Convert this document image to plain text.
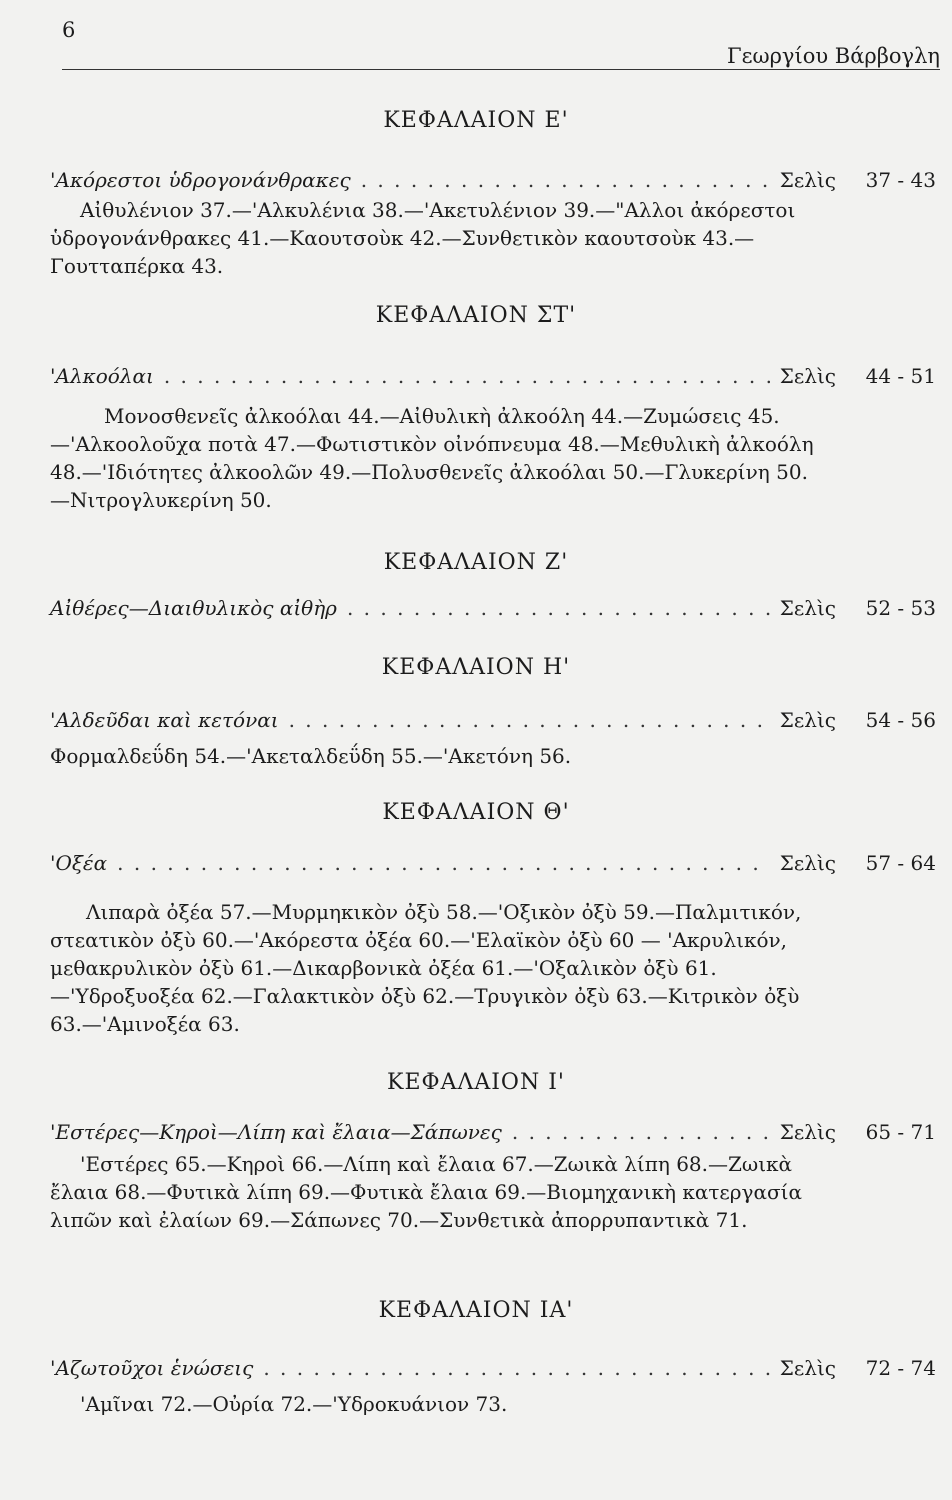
6
Γεωργίου Βάρβογλη
ΚΕΦΑΛΑΙΟΝ Ε'
'Ακόρεστοι ὑδρογονάνθρακες . . .	Σελὶς	37 - 43
Αἰθυλένιον 37.—'Αλκυλένια 38.—'Ακετυλένιον 39.—"Αλλοι ἀκόρεστοι ὑδρογονάνθρακες 41.—Καουτσοὺκ 42.—Συνθετικὸν καουτσοὺκ 43.—Γουτταπέρκα 43.
ΚΕΦΑΛΑΙΟΝ ΣΤ'
'Αλκοόλαι . . .	Σελὶς	44 - 51
Μονοσθενεῖς ἀλκοόλαι 44.—Αἰθυλικὴ ἀλκοόλη 44.—Ζυμώσεις 45.—'Αλκοολοῦχα ποτὰ 47.—Φωτιστικὸν οἰνόπνευμα 48.—Μεθυλικὴ ἀλκοόλη 48.—'Ιδιότητες ἀλκοολῶν 49.—Πολυσθενεῖς ἀλκοόλαι 50.—Γλυκερίνη 50.—Νιτρογλυκερίνη 50.
ΚΕΦΑΛΑΙΟΝ Ζ'
Αἰθέρες—Διαιθυλικὸς αἰθὴρ . . .	Σελὶς	52 - 53
ΚΕΦΑΛΑΙΟΝ Η'
'Αλδεῦδαι καὶ κετόναι . . .	Σελὶς	54 - 56
Φορμαλδεΰδη 54.—'Ακεταλδεΰδη 55.—'Ακετόνη 56.
ΚΕΦΑΛΑΙΟΝ Θ'
'Οξέα . . .	Σελὶς	57 - 64
Λιπαρὰ ὀξέα 57.—Μυρμηκικὸν ὀξὺ 58.—'Οξικὸν ὀξὺ 59.—Παλμιτικόν, στεατικὸν ὀξὺ 60.—'Ακόρεστα ὀξέα 60.—'Ελαϊκὸν ὀξὺ 60 — 'Ακρυλικόν, μεθακρυλικὸν ὀξὺ 61.—Δικαρβονικὰ ὀξέα 61.—'Οξαλικὸν ὀξὺ 61.—'Υδροξυοξέα 62.—Γαλακτικὸν ὀξὺ 62.—Τρυγικὸν ὀξὺ 63.—Κιτρικὸν ὀξὺ 63.—'Αμινοξέα 63.
ΚΕΦΑΛΑΙΟΝ Ι'
'Εστέρες—Κηροὶ—Λίπη καὶ ἔλαια—Σάπωνες . . .	Σελὶς	65 - 71
'Εστέρες 65.—Κηροὶ 66.—Λίπη καὶ ἔλαια 67.—Ζωικὰ λίπη 68.—Ζωικὰ ἔλαια 68.—Φυτικὰ λίπη 69.—Φυτικὰ ἔλαια 69.—Βιομηχανικὴ κατεργασία λιπῶν καὶ ἐλαίων 69.—Σάπωνες 70.—Συνθετικὰ ἀπορρυπαντικὰ 71.
ΚΕΦΑΛΑΙΟΝ ΙΑ'
'Αζωτοῦχοι ἑνώσεις . . .	Σελὶς	72 - 74
'Αμῖναι 72.—Οὐρία 72.—'Υδροκυάνιον 73.
